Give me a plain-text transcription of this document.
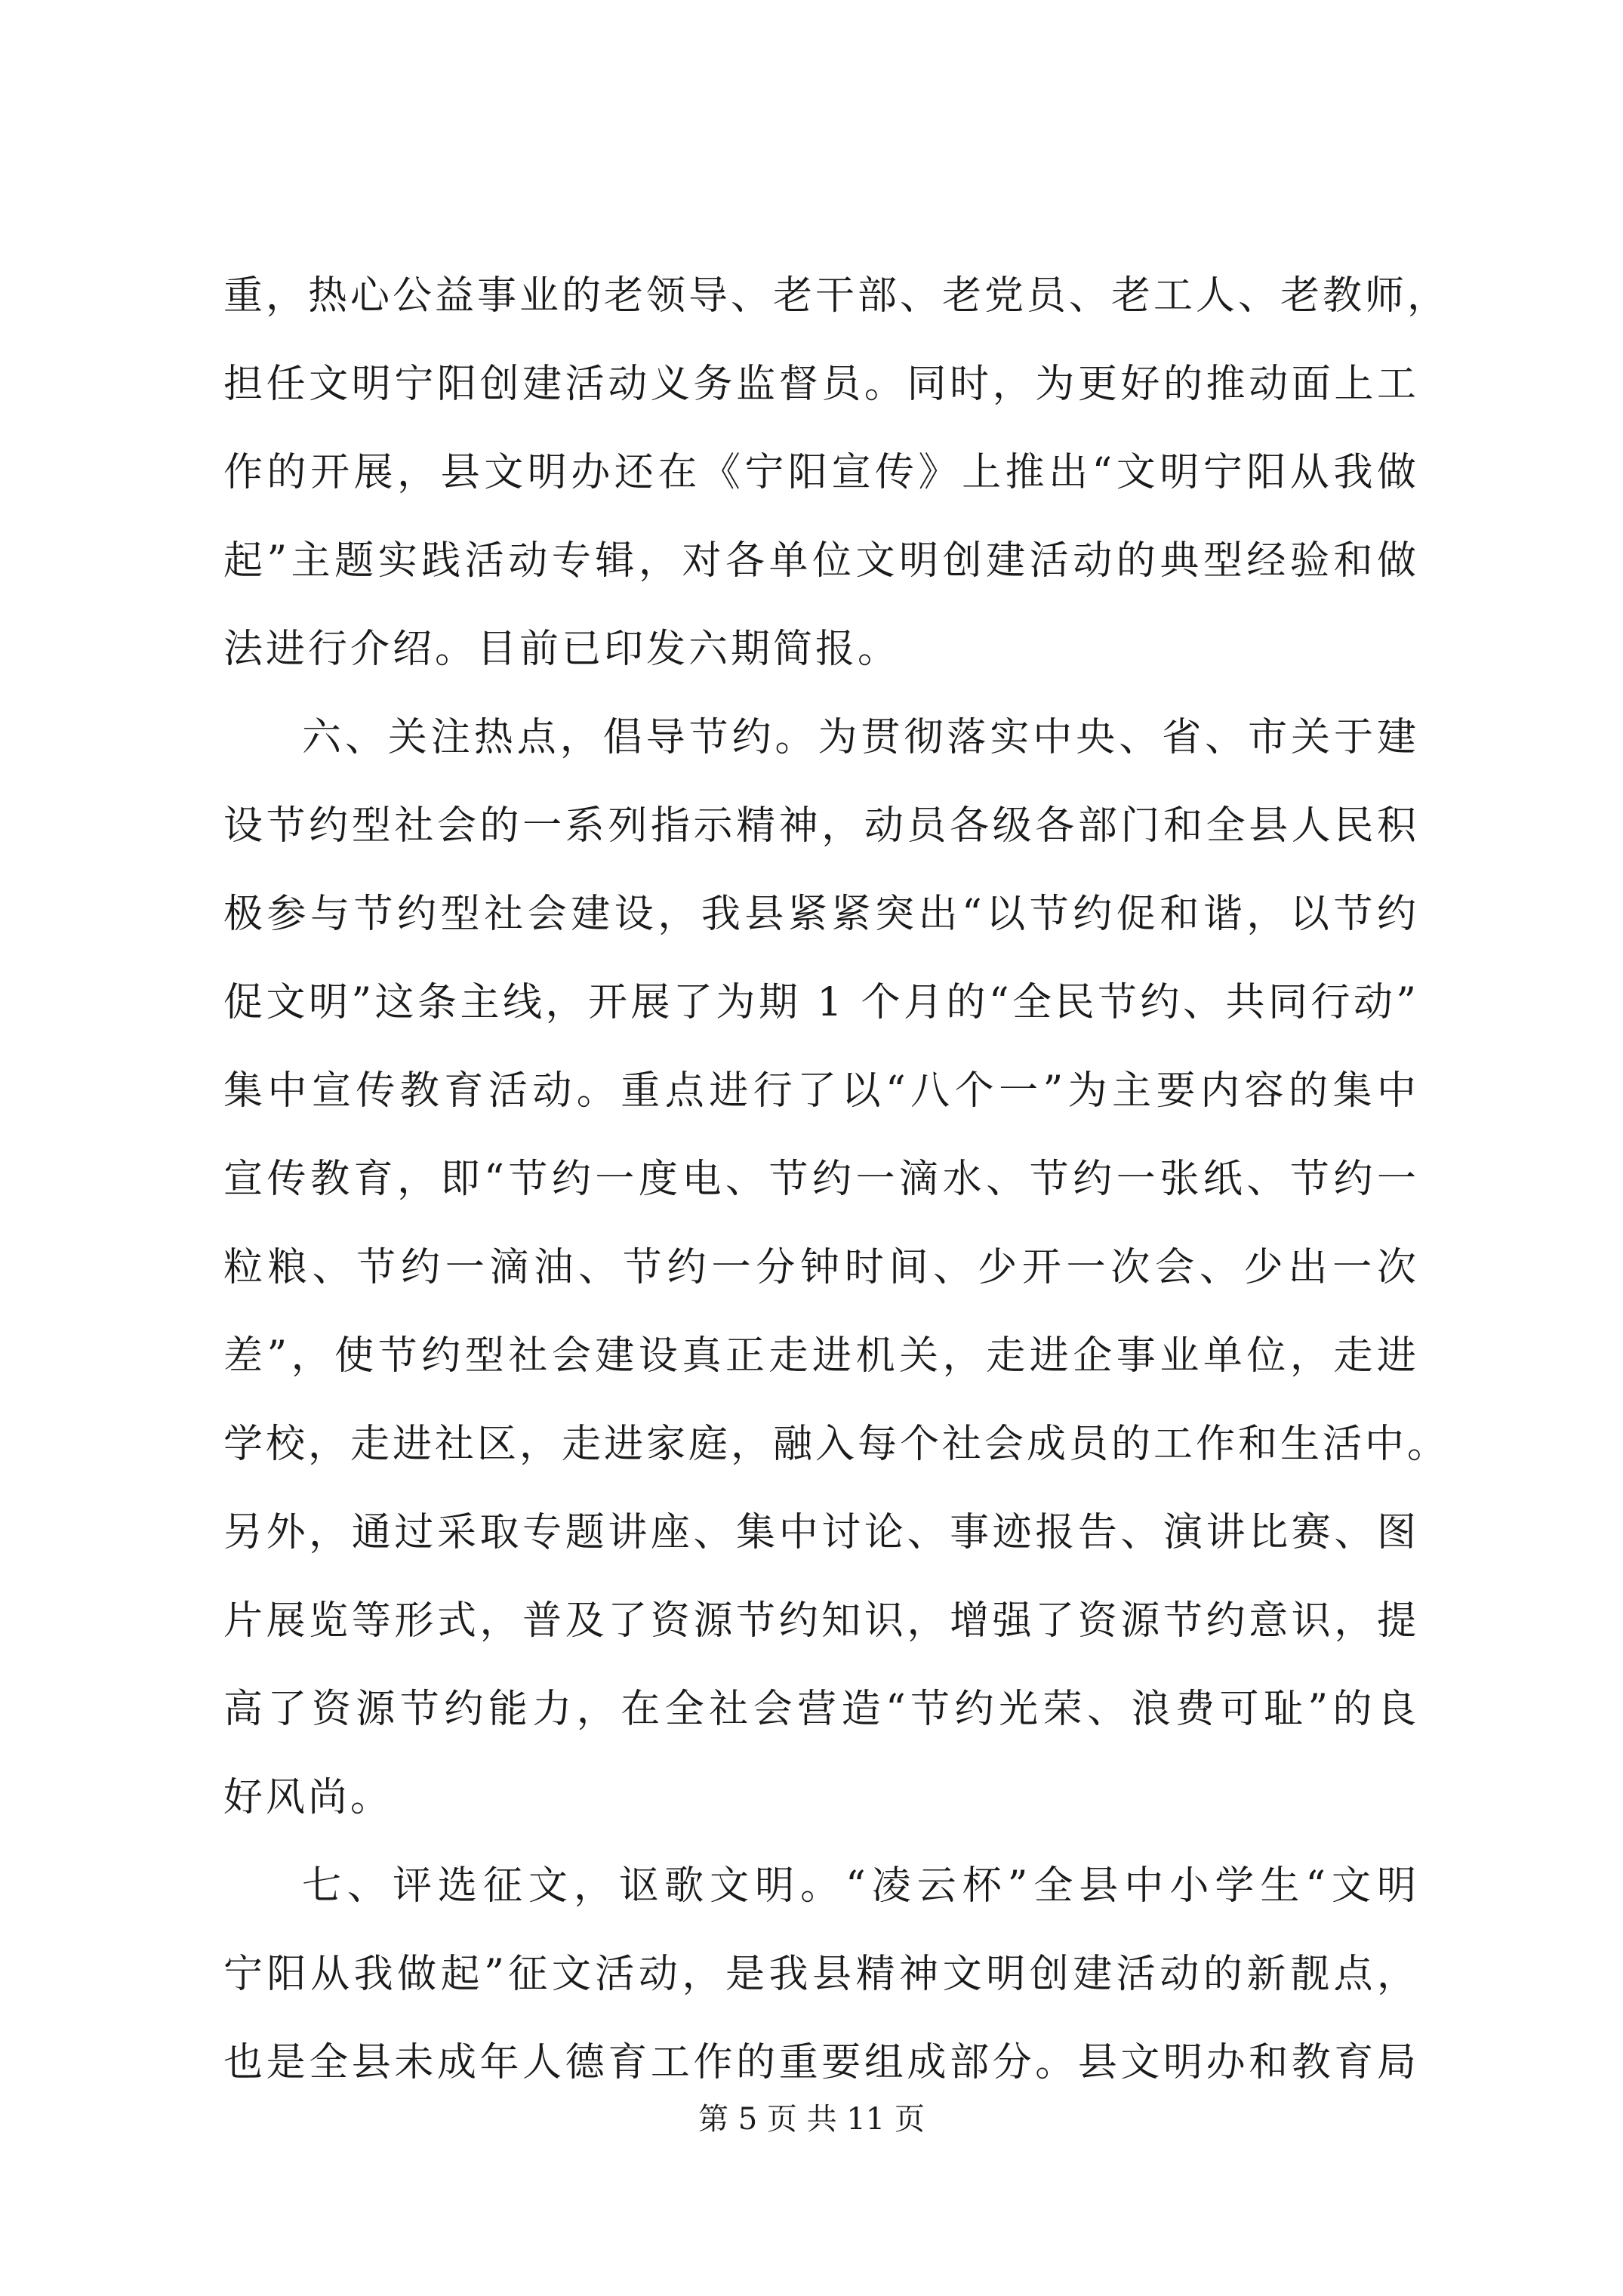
重，热心公益事业的老领导、老干部、老党员、老工人、老教师，
担任文明宁阳创建活动义务监督员。同时，为更好的推动面上工
作的开展，县文明办还在《宁阳宣传》上推出“文明宁阳从我做
起”主题实践活动专辑，对各单位文明创建活动的典型经验和做
法进行介绍。目前已印发六期简报。
六、关注热点，倡导节约。为贯彻落实中央、省、市关于建
设节约型社会的一系列指示精神，动员各级各部门和全县人民积
极参与节约型社会建设，我县紧紧突出“以节约促和谐，以节约
促文明”这条主线，开展了为期 1 个月的“全民节约、共同行动”
集中宣传教育活动。重点进行了以“八个一”为主要内容的集中
宣传教育，即“节约一度电、节约一滴水、节约一张纸、节约一
粒粮、节约一滴油、节约一分钟时间、少开一次会、少出一次
差”，使节约型社会建设真正走进机关，走进企事业单位，走进
学校，走进社区，走进家庭，融入每个社会成员的工作和生活中。
另外，通过采取专题讲座、集中讨论、事迹报告、演讲比赛、图
片展览等形式，普及了资源节约知识，增强了资源节约意识，提
高了资源节约能力，在全社会营造“节约光荣、浪费可耻”的良
好风尚。
七、评选征文，讴歌文明。“凌云杯”全县中小学生“文明
宁阳从我做起”征文活动，是我县精神文明创建活动的新靓点，
也是全县未成年人德育工作的重要组成部分。县文明办和教育局
第 5 页 共 11 页
